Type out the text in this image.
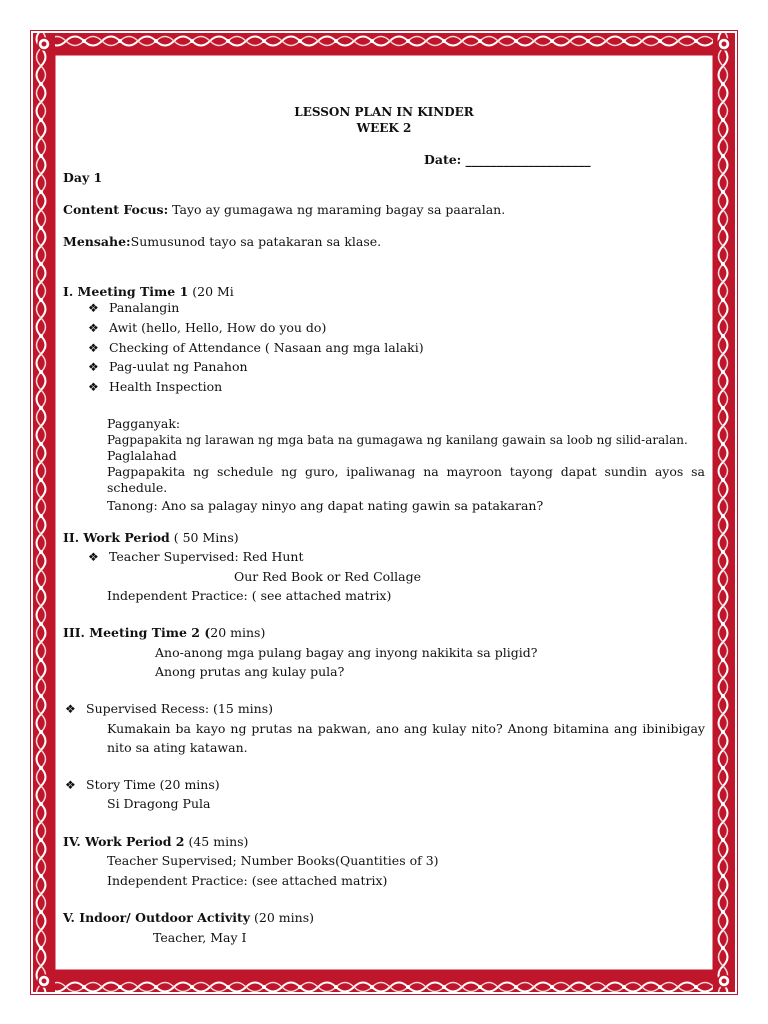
LESSON PLAN IN KINDER
WEEK 2
Date: ____________________
Day 1
Content Focus: Tayo ay gumagawa ng maraming bagay sa paaralan.
Mensahe:Sumusunod tayo sa patakaran sa klase.
I. Meeting Time 1 (20 Mi
❖ Panalangin
❖ Awit (hello, Hello, How do you do)
❖ Checking of Attendance ( Nasaan ang mga lalaki)
❖ Pag-uulat ng Panahon
❖ Health Inspection
Pagganyak:
Pagpapakita ng larawan ng mga bata na gumagawa ng kanilang gawain sa loob ng silid-aralan.
Paglalahad
Pagpapakita ng schedule ng guro, ipaliwanag na mayroon tayong dapat sundin ayos sa schedule.
Tanong: Ano sa palagay ninyo ang dapat nating gawin sa patakaran?
II. Work Period ( 50 Mins)
❖ Teacher Supervised: Red Hunt
Our Red Book or Red Collage
Independent Practice: ( see attached matrix)
III. Meeting Time 2 (20 mins)
Ano-anong mga pulang bagay ang inyong nakikita sa pligid?
Anong prutas ang kulay pula?
❖ Supervised Recess: (15 mins)
Kumakain ba kayo ng prutas na pakwan, ano ang kulay nito? Anong bitamina ang ibinibigay nito sa ating katawan.
❖ Story Time (20 mins)
Si Dragong Pula
IV. Work Period 2 (45 mins)
Teacher Supervised; Number Books(Quantities of 3)
Independent Practice: (see attached matrix)
V. Indoor/ Outdoor Activity (20 mins)
Teacher, May I
